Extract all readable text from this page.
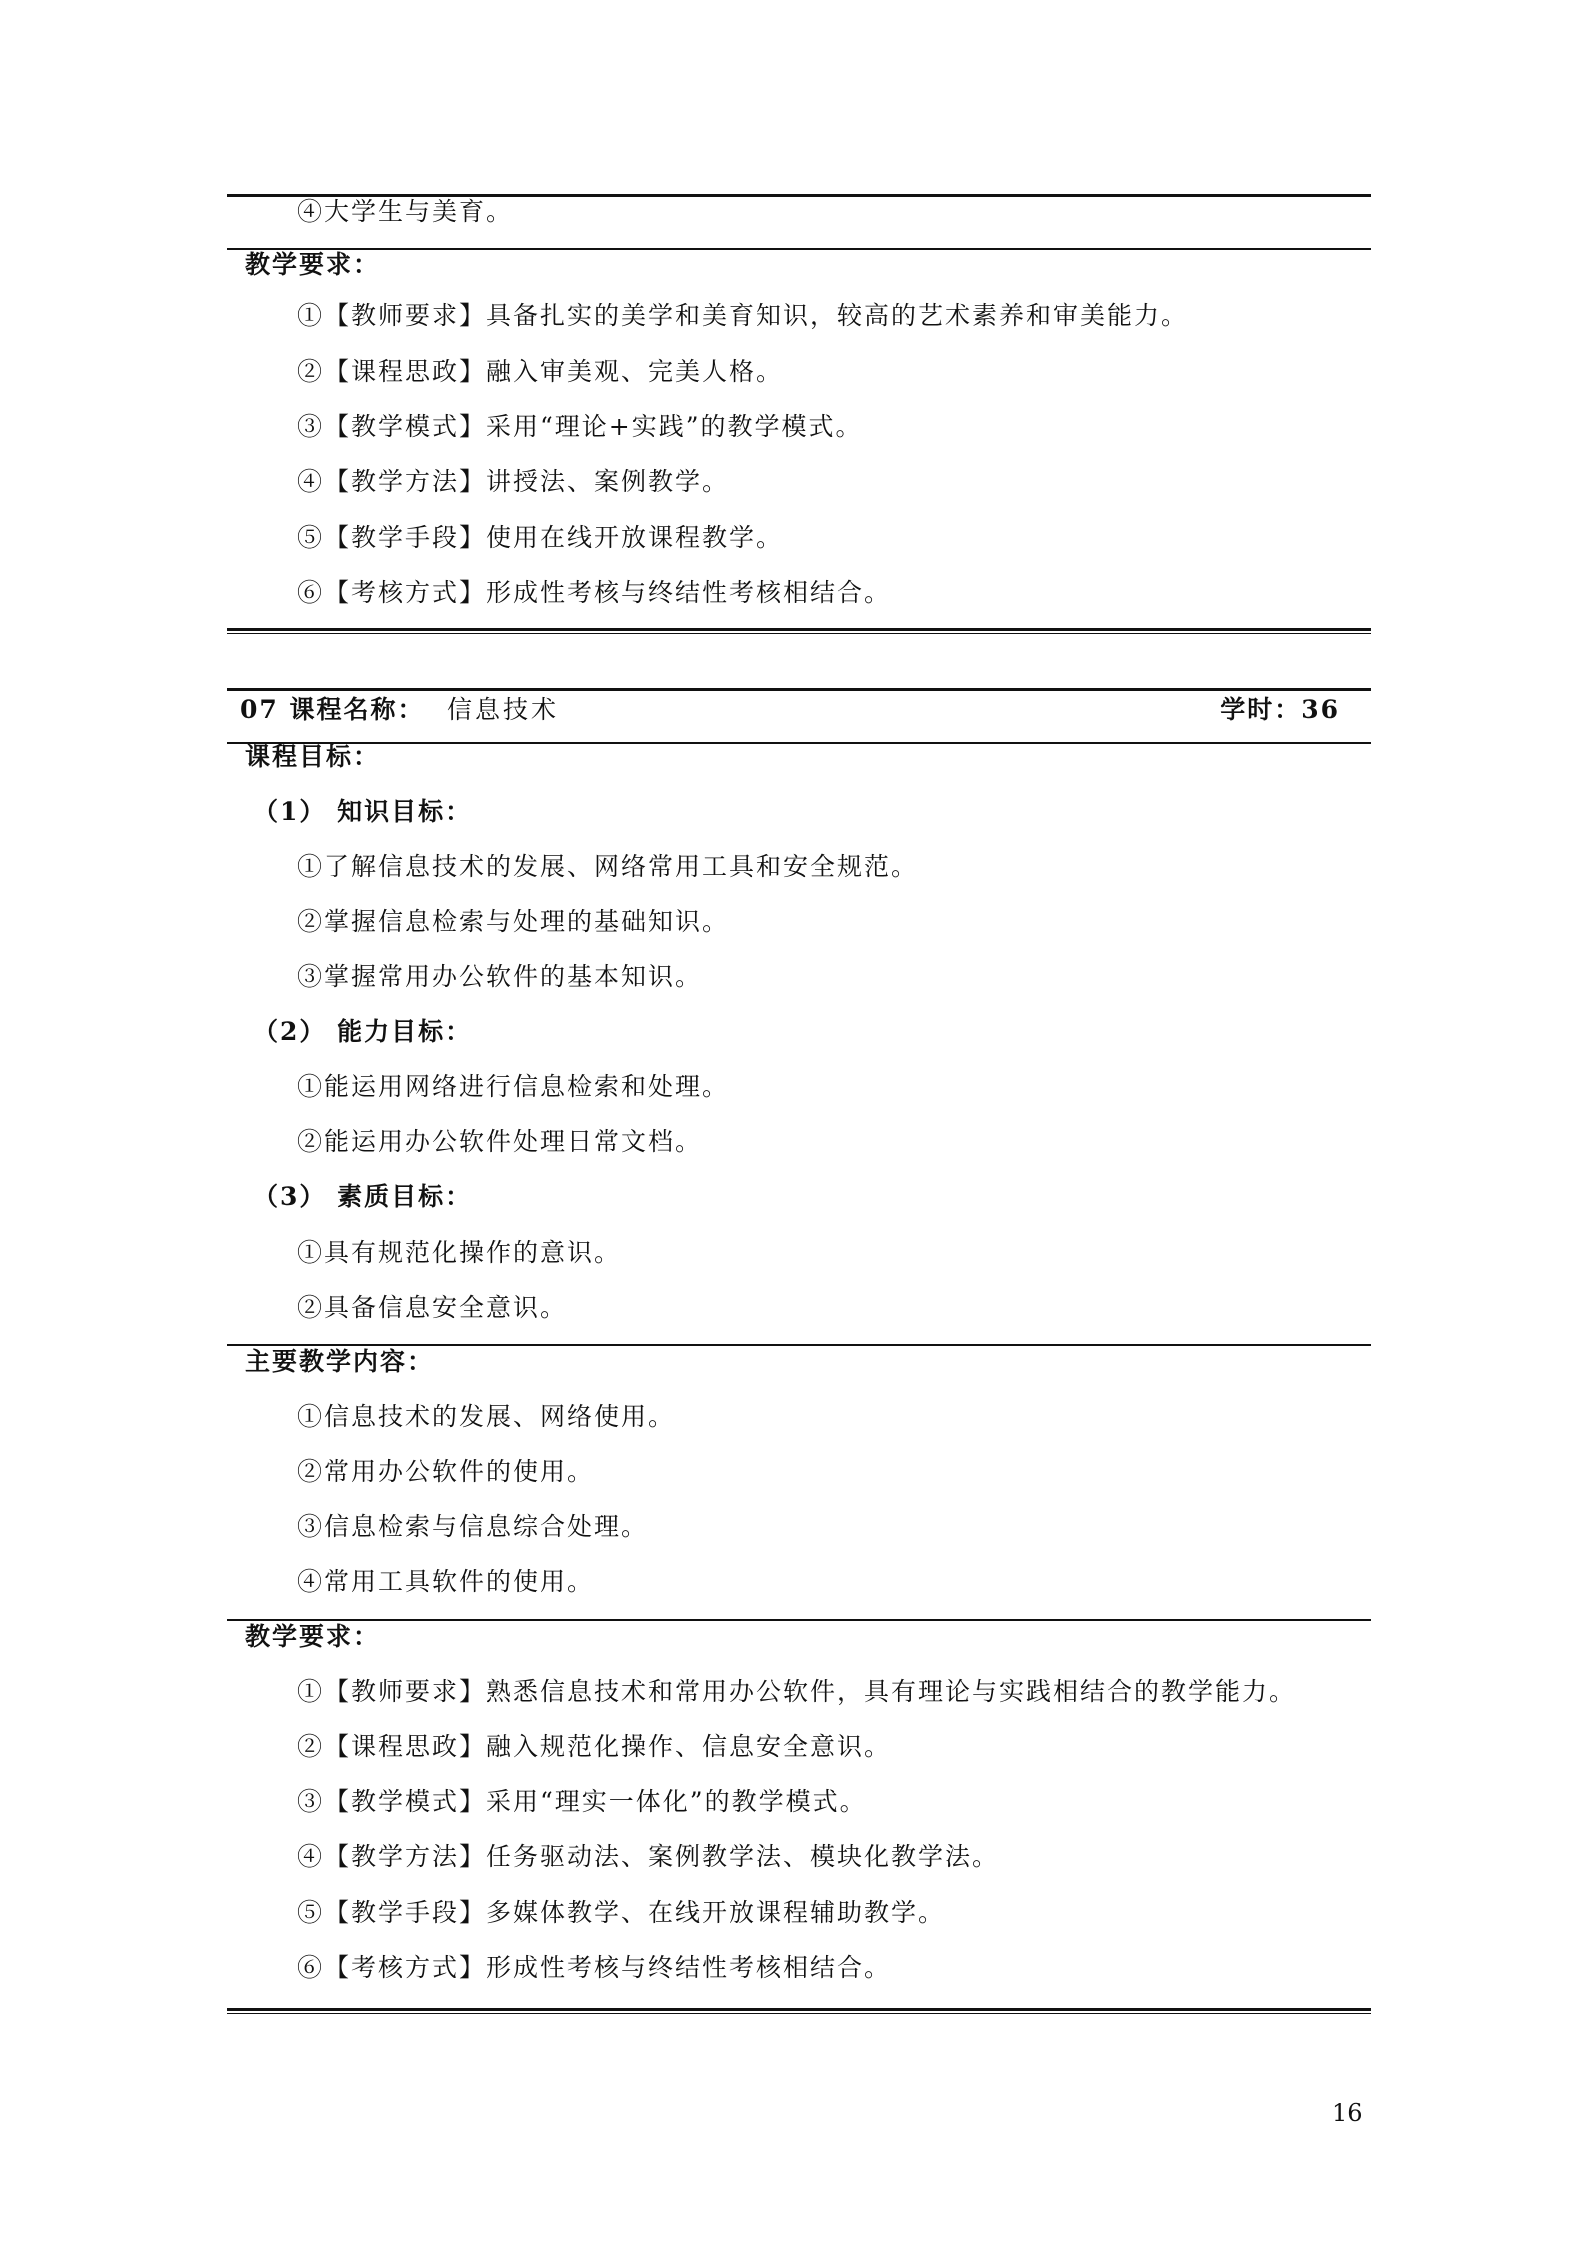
④大学生与美育。
教学要求：
①【教师要求】具备扎实的美学和美育知识，较高的艺术素养和审美能力。
②【课程思政】融入审美观、完美人格。
③【教学模式】采用“理论+实践”的教学模式。
④【教学方法】讲授法、案例教学。
⑤【教学手段】使用在线开放课程教学。
⑥【考核方式】形成性考核与终结性考核相结合。
07 课程名称： 信息技术	学时：36
课程目标：
（1） 知识目标：
①了解信息技术的发展、网络常用工具和安全规范。
②掌握信息检索与处理的基础知识。
③掌握常用办公软件的基本知识。
（2） 能力目标：
①能运用网络进行信息检索和处理。
②能运用办公软件处理日常文档。
（3） 素质目标：
①具有规范化操作的意识。
②具备信息安全意识。
主要教学内容：
①信息技术的发展、网络使用。
②常用办公软件的使用。
③信息检索与信息综合处理。
④常用工具软件的使用。
教学要求：
①【教师要求】熟悉信息技术和常用办公软件，具有理论与实践相结合的教学能力。
②【课程思政】融入规范化操作、信息安全意识。
③【教学模式】采用“理实一体化”的教学模式。
④【教学方法】任务驱动法、案例教学法、模块化教学法。
⑤【教学手段】多媒体教学、在线开放课程辅助教学。
⑥【考核方式】形成性考核与终结性考核相结合。
16
